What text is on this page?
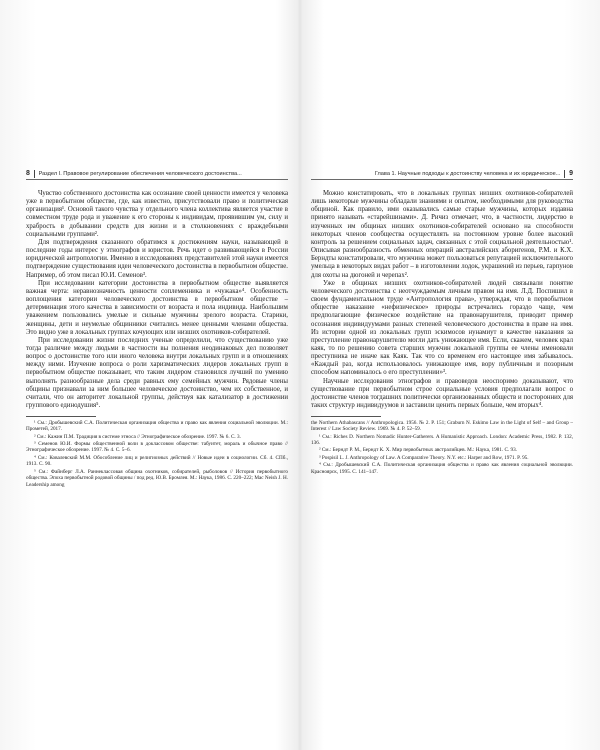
8 Раздел I. Правовое регулирование обеспечения человеческого достоинства...

Чувство собственного достоинства как осознание своей ценности имеется у человека уже в первобытном обществе, где, как известно, присутствовали право и политическая организация¹. Основой такого чувства у отдельного члена коллектива является участие в совместном труде рода и уважение к его стороны к индивидам, проявившим ум, силу и храбрость в добывании средств для жизни и в столкновениях с враждебными социальными группами².

Для подтверждения сказанного обратимся к достижениям науки, называющей в последние годы интерес у этнографов и юристов. Речь идет о развивающейся в России юридической антропологии. Именно в исследованиях представителей этой науки имеется подтверждение существования идеи человеческого достоинства в первобытном обществе. Например, об этом писал Ю.И. Семенов³.

При исследовании категории достоинства в первобытном обществе выявляется важная черта: неравнозначность ценности соплеменника и «чужака»⁴. Особенность воплощения категории человеческого достоинства в первобытном обществе – детерминация этого качества в зависимости от возраста и пола индивида. Наибольшим уважением пользовались умелые и сильные мужчины зрелого возраста. Старики, женщины, дети и неумелые общинники считались менее ценными членами общества. Это видно уже в локальных группах кочующих или низших охотников-собирателей.

При исследовании жизни последних ученые определили, что существованию уже тогда различие между людьми в частности вы полнения неодинаковых дел позволяет вопрос о достоинстве того или иного человека внутри локальных групп и в отношениях между ними. Изучение вопроса о роли харизматических лидеров локальных групп в первобытном обществе показывает, что таким лидером становился лучший по умению выполнять разнообразные дела среди равных ему семейных мужчин. Рядовые члены общины признавали за ним большее человеческое достоинство, чем их собственное, и считали, что он авторитет локальной группы, действуя как катализатор в достижении группового единодушия⁵.

¹ См.: Дробышевский С.А. Политическая организация общества и право как явления социальной эволюции. М.: Прометей, 2017.

² См.: Кажин П.М. Традиция в системе этноса // Этнографическое обозрение. 1997. № 6. С. 3.

³ Семенов Ю.И. Формы общественной воли в доклассовом обществе: табуитет, мораль и обычное право // Этнографическое обозрение. 1997. № 4. С. 5–6.

⁴ См.: Ковалевский М.М. Обособление лиц и религиозных действий // Новые идеи в социологии. Сб. 4. СПб., 1913. С. 90.

⁵ См.: Файнберг Л.А. Раннеклассовая община охотников, собирателей, рыболовов // История первобытного общества. Эпоха первобытной родовой общины / под ред. Ю.В. Бромлея. М.: Наука, 1986. С. 220–222; Mac Neish J. H. Leadership among

Глава 1. Научные подходы к достоинству человека и их юридическое... 9

Можно констатировать, что в локальных группах низших охотников-собирателей лишь некоторые мужчины обладали знаниями и опытом, необходимыми для руководства общиной. Как правило, ими оказывались самые старые мужчины, которых издавна принято называть «старейшинами». Д. Ричиз отмечает, что, в частности, лидерство в изученных им общинах низших охотников-собирателей основано на способности некоторых членов сообщества осуществлять на постоянном уровне более высокий контроль за решением социальных задач, связанных с этой социальной деятельностью¹. Описывая разнообразность обменных операций австралийских аборигенов, Р.М. и К.Х. Берндты констатировали, что мужчина может пользоваться репутацией исключительного умельца в некоторых видах работ – в изготовлении лодок, украшений из перьев, гарпунов для охоты на дюгоней и черепах².

Уже в общинах низших охотников-собирателей людей связывали понятие человеческого достоинства с неотчуждаемым личным правом на имя. Л.Д. Поспишил в своем фундаментальном труде «Антропология права», утверждая, что в первобытном обществе наказание «нефизическое» природы встречались гораздо чаще, чем предполагающие физическое воздействие на правонарушителя, приводит пример осознания индивидуумами разных степеней человеческого достоинства в праве на имя. Из истории одной из локальных групп эскимосов нунамиут в качестве наказания за преступление правонарушителю могли дать унижающее имя. Если, скажем, человек крал каяк, то по решению совета старших мужчин локальной группы ее члены именовали преступника не иначе как Каяк. Так что со временем его настоящее имя забывалось. «Каждый раз, когда использовалось унижающее имя, вору публичным и позорным способом напоминалось о его преступлении»³.

Научные исследования этнографов и правоведов неоспоримо доказывают, что существование при первобытном строе социальные условия предполагали вопрос о достоинстве членов тогдашних политически организованных обществ и посторонних для таких структур индивидуумов и заставили ценить первых больше, чем вторых⁴.

the Northern Athabascans // Anthropologica. 1956. № 2. P. 151; Graburn N. Eskimo Law in the Light of Self – and Group – Interest // Law Society Review. 1969. № 4. P. 52–59.

¹ См.: Riches D. Northern Nomadic Hunter-Gatherers. A Humanistic Approach. London: Academic Press, 1982. P. 132, 136.

² См.: Берндт Р. М., Берндт К. Х. Мир первобытных австралийцев. М.: Наука, 1981. С. 93.

³ Pospisil L. J. Anthropology of Law. A Comparative Theory. N.Y. etc.: Harper and Row, 1971. P. 95.

⁴ См.: Дробышевский С.А. Политическая организация общества и право как явления социальной эволюции. Красноярск, 1995. С. 141–147.
